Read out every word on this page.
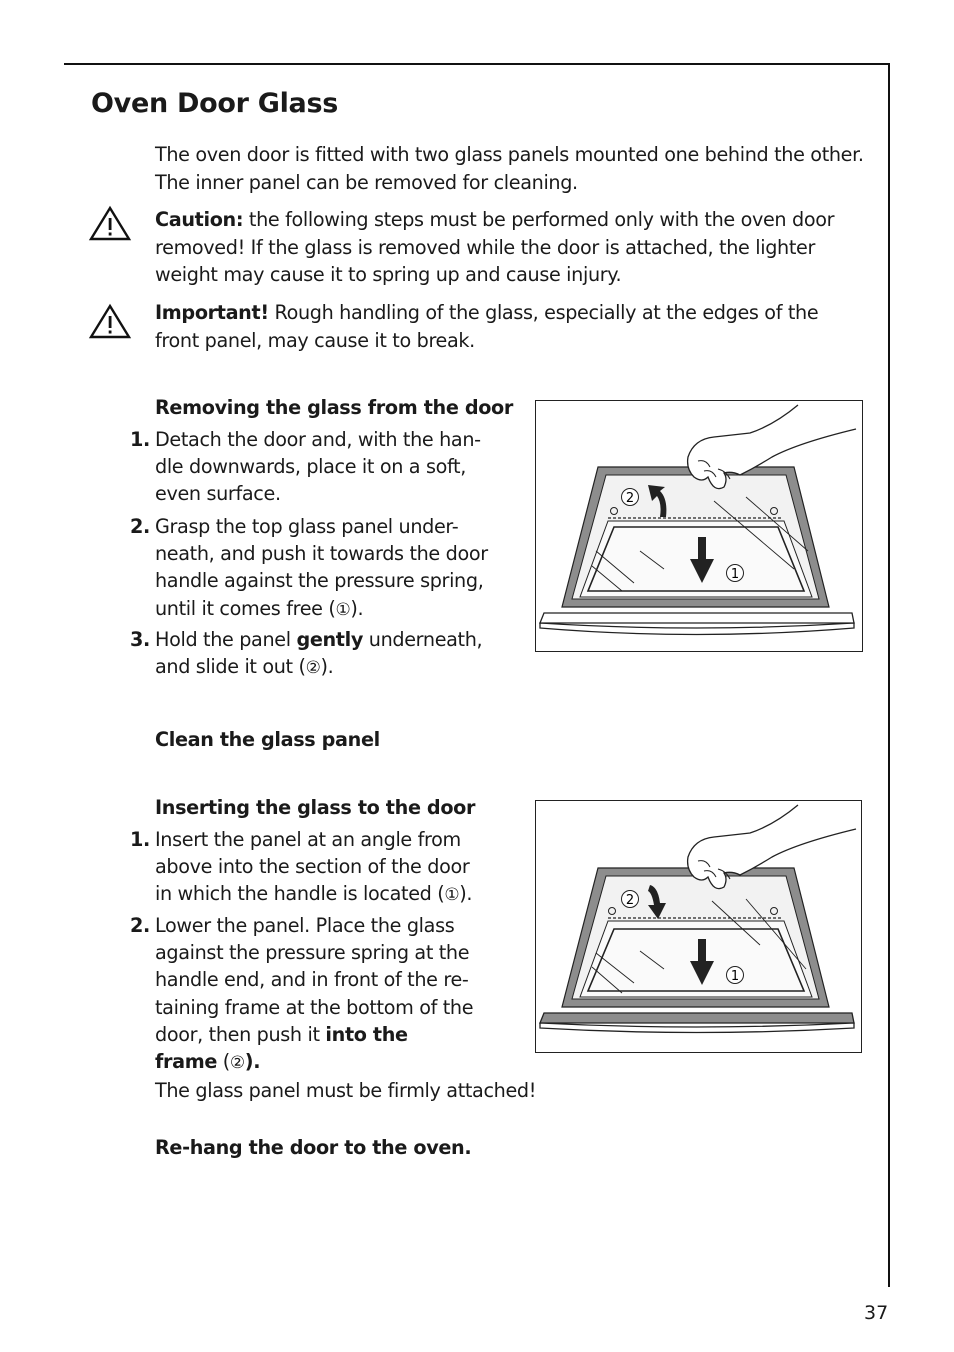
Oven Door Glass
The oven door is fitted with two glass panels mounted one behind the other. The inner panel can be removed for cleaning.
Caution: the following steps must be performed only with the oven door removed! If the glass is removed while the door is attached, the lighter weight may cause it to spring up and cause injury.
Important! Rough handling of the glass, especially at the edges of the front panel, may cause it to break.
Removing the glass from the door
1. Detach the door and, with the han-
dle downwards, place it on a soft,
even surface.
2. Grasp the top glass panel under-
neath, and push it towards the door
handle against the pressure spring,
until it comes free (①).
3. Hold the panel gently underneath,
and slide it out (②).
2
1
Clean the glass panel
Inserting the glass to the door
1. Insert the panel at an angle from
above into the section of the door
in which the handle is located (①).
2. Lower the panel. Place the glass
against the pressure spring at the
handle end, and in front of the re-
taining frame at the bottom of the
door, then push it into the
frame (②).
The glass panel must be firmly attached!
2
1
Re-hang the door to the oven.
37
